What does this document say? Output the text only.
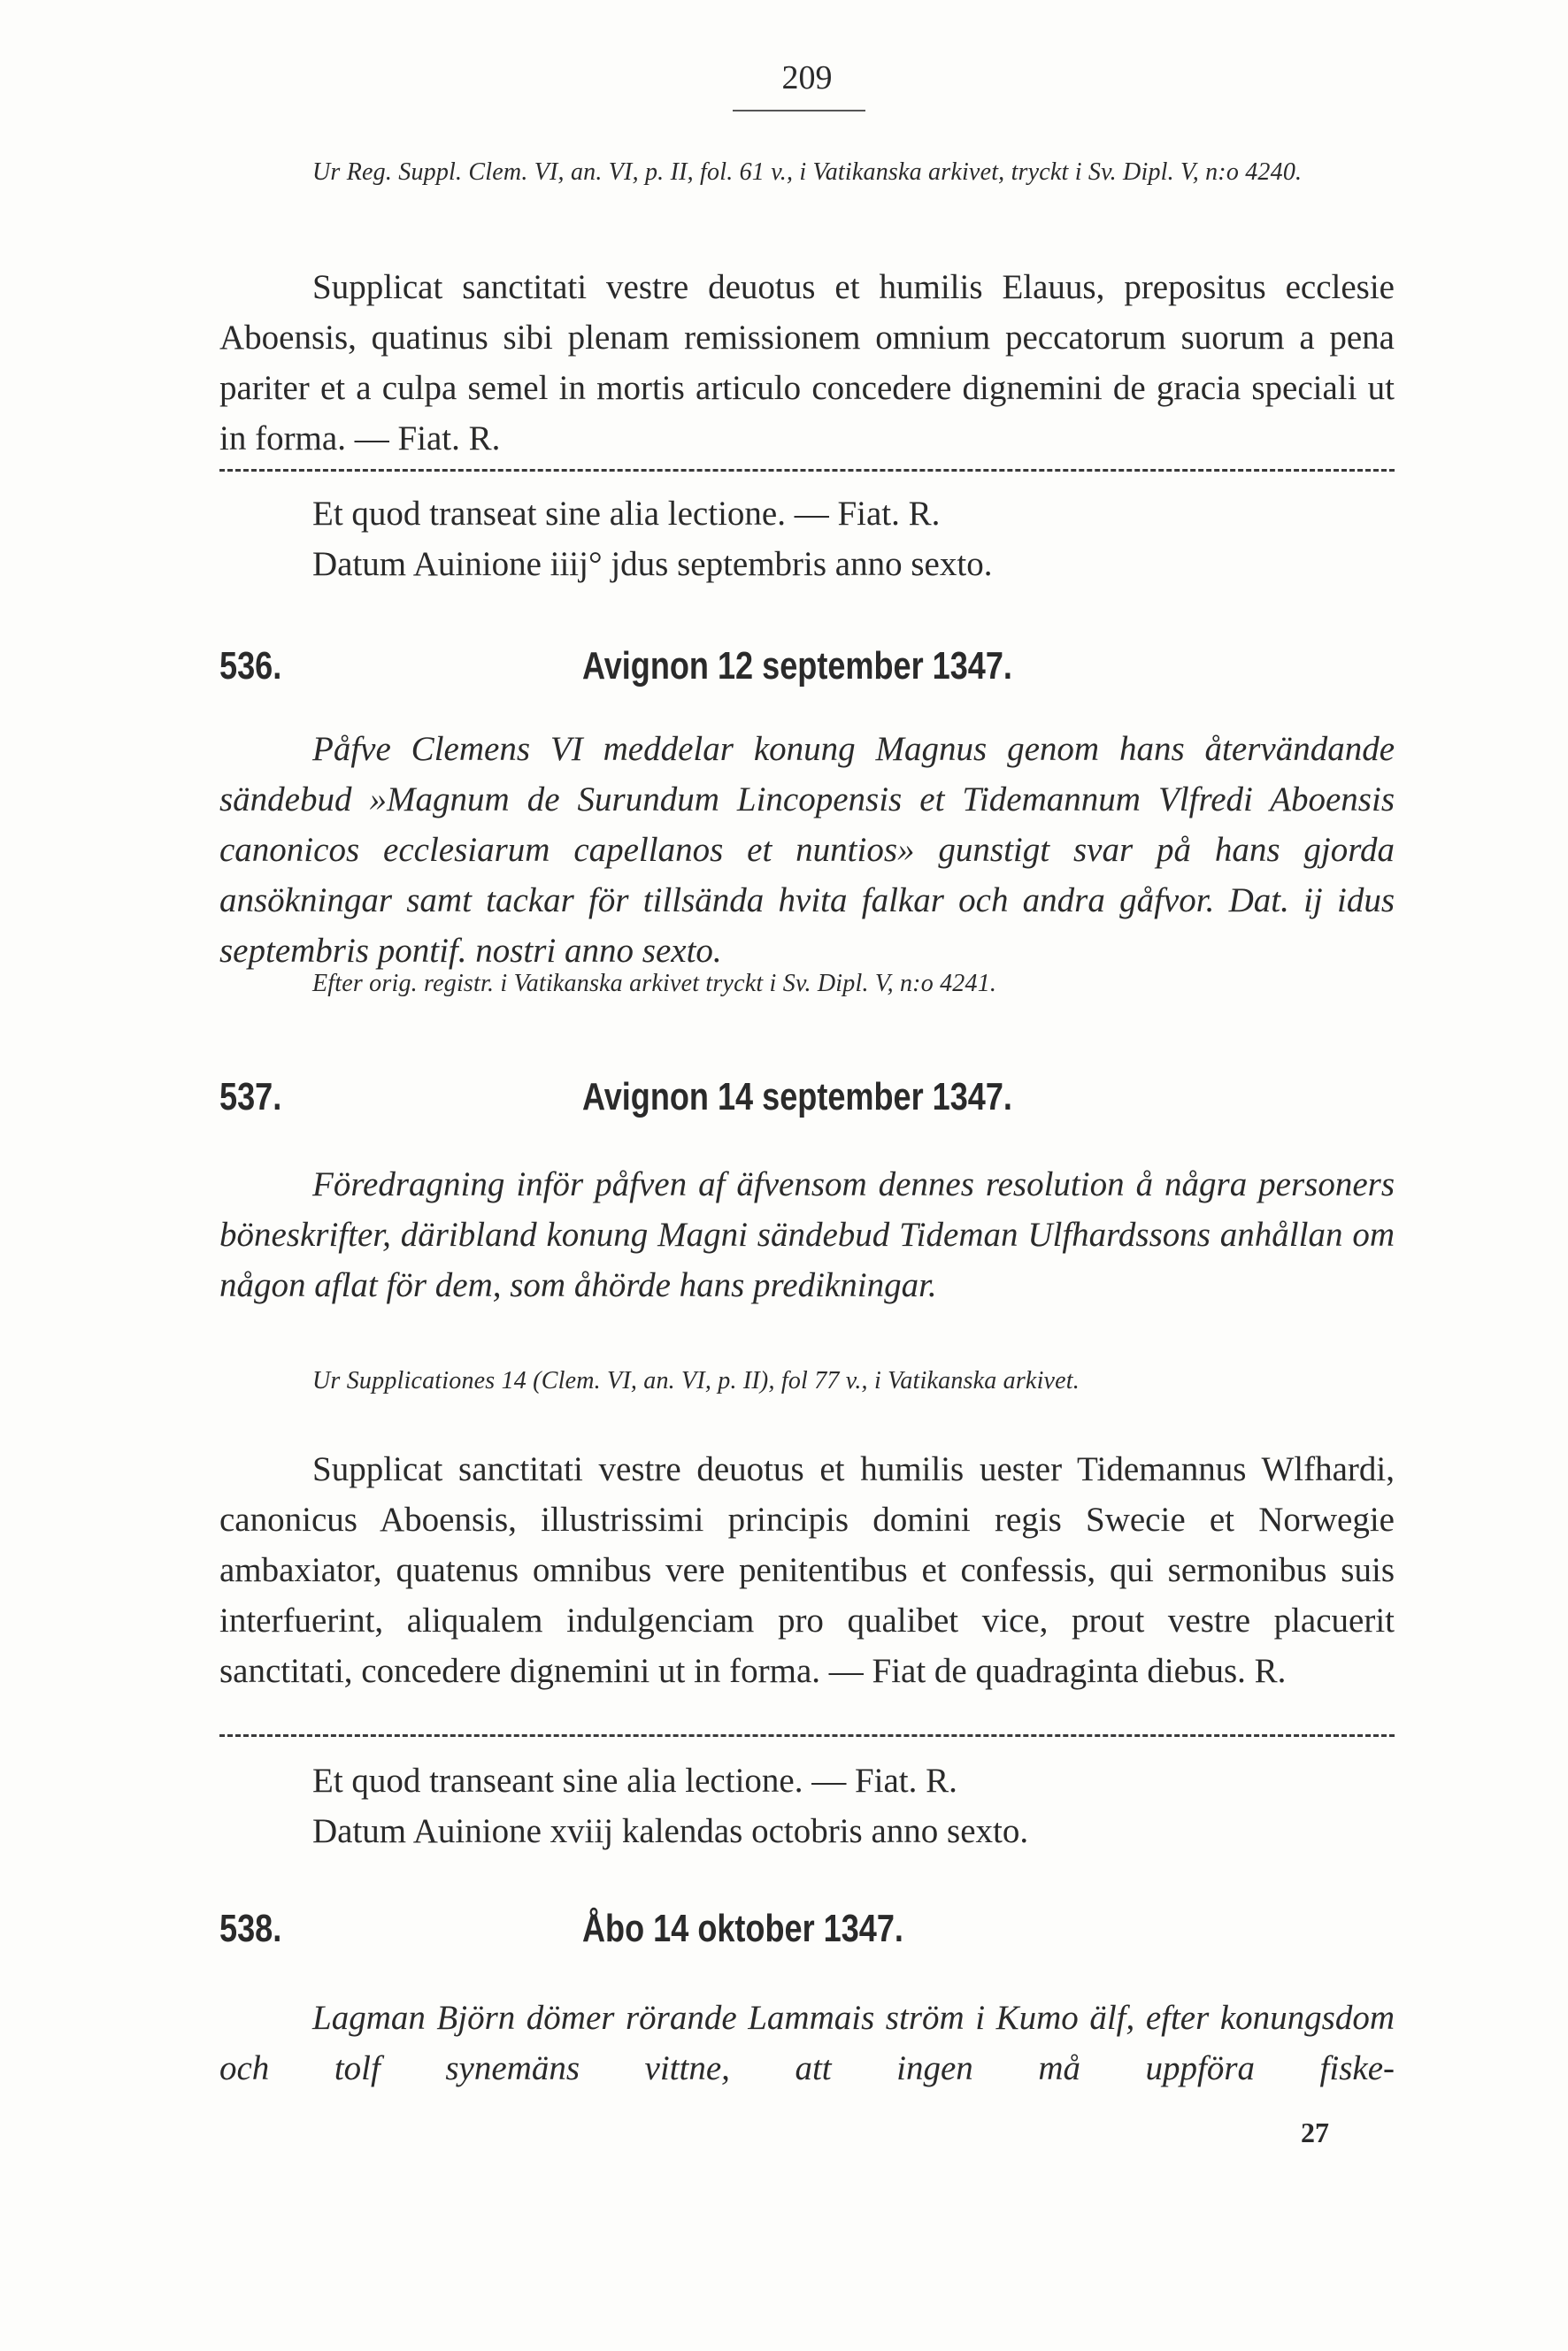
209
Ur Reg. Suppl. Clem. VI, an. VI, p. II, fol. 61 v., i Vatikanska arkivet, tryckt i Sv. Dipl. V, n:o 4240.
Supplicat sanctitati vestre deuotus et humilis Elauus, prepositus ecclesie Aboensis, quatinus sibi plenam remissionem omnium peccatorum suorum a pena pariter et a culpa semel in mortis articulo concedere dignemini de gracia speciali ut in forma. — Fiat. R.
Et quod transeat sine alia lectione. — Fiat. R.
Datum Auinione iiij° jdus septembris anno sexto.
536.	Avignon 12 september 1347.
Påfve Clemens VI meddelar konung Magnus genom hans återvändande sändebud »Magnum de Surundum Lincopensis et Tidemannum Vlfredi Aboensis canonicos ecclesiarum capellanos et nuntios» gunstigt svar på hans gjorda ansökningar samt tackar för tillsända hvita falkar och andra gåfvor. Dat. ij idus septembris pontif. nostri anno sexto.
Efter orig. registr. i Vatikanska arkivet tryckt i Sv. Dipl. V, n:o 4241.
537.	Avignon 14 september 1347.
Föredragning inför påfven af äfvensom dennes resolution å några personers böneskrifter, däribland konung Magni sändebud Tideman Ulfhardssons anhållan om någon aflat för dem, som åhörde hans predikningar.
Ur Supplicationes 14 (Clem. VI, an. VI, p. II), fol 77 v., i Vatikanska arkivet.
Supplicat sanctitati vestre deuotus et humilis uester Tidemannus Wlfhardi, canonicus Aboensis, illustrissimi principis domini regis Swecie et Norwegie ambaxiator, quatenus omnibus vere penitentibus et confessis, qui sermonibus suis interfuerint, aliqualem indulgenciam pro qualibet vice, prout vestre placuerit sanctitati, concedere dignemini ut in forma. — Fiat de quadraginta diebus. R.
Et quod transeant sine alia lectione. — Fiat. R.
Datum Auinione xviij kalendas octobris anno sexto.
538.	Åbo 14 oktober 1347.
Lagman Björn dömer rörande Lammais ström i Kumo älf, efter konungsdom och tolf synemäns vittne, att ingen må uppföra fiske-
27
